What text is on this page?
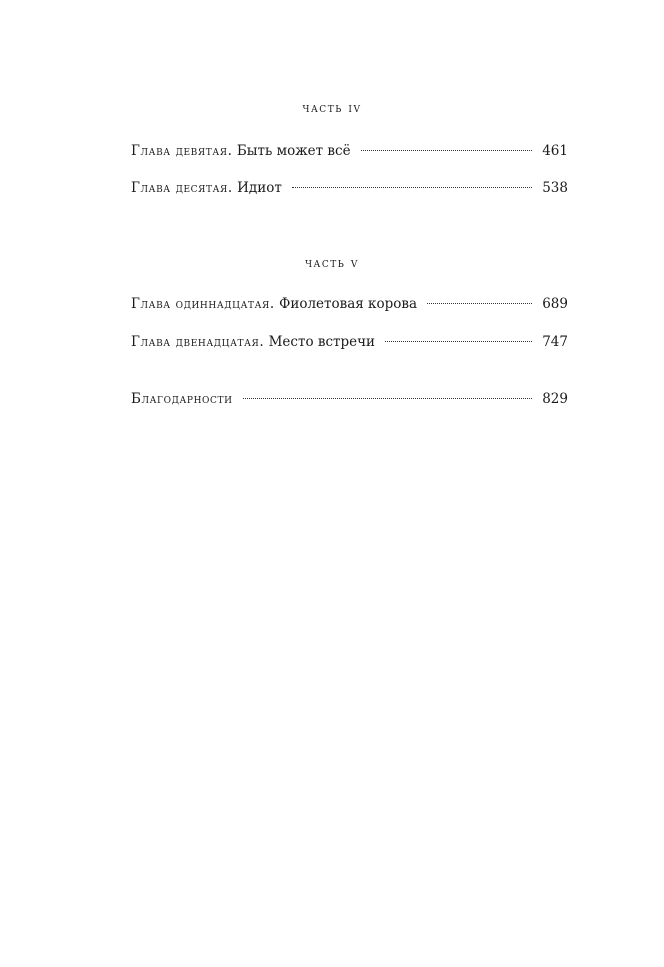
часть iv
Глава девятая. Быть может всё	461
Глава десятая. Идиот	538
часть v
Глава одиннадцатая. Фиолетовая корова	689
Глава двенадцатая. Место встречи	747
Благодарности	829
